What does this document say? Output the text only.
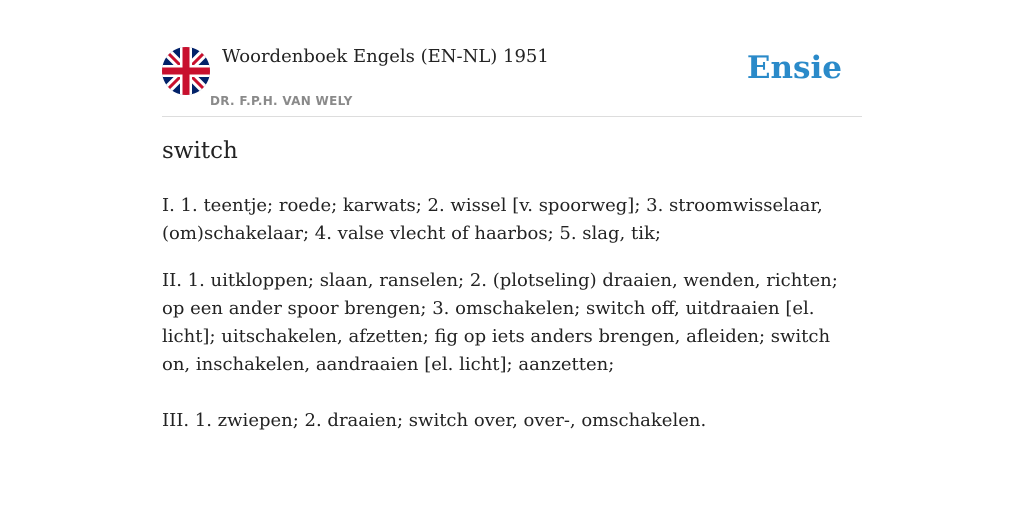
Woordenboek Engels (EN-NL) 1951
DR. F.P.H. VAN WELY
Ensie
switch
I. 1. teentje; roede; karwats; 2. wissel [v. spoorweg]; 3. stroomwisselaar, (om)schakelaar; 4. valse vlecht of haarbos; 5. slag, tik;
II. 1. uitkloppen; slaan, ranselen; 2. (plotseling) draaien, wenden, richten; op een ander spoor brengen; 3. omschakelen; switch off, uitdraaien [el. licht]; uitschakelen, afzetten; fig op iets anders brengen, afleiden; switch on, inschakelen, aandraaien [el. licht]; aanzetten;
III. 1. zwiepen; 2. draaien; switch over, over-, omschakelen.
